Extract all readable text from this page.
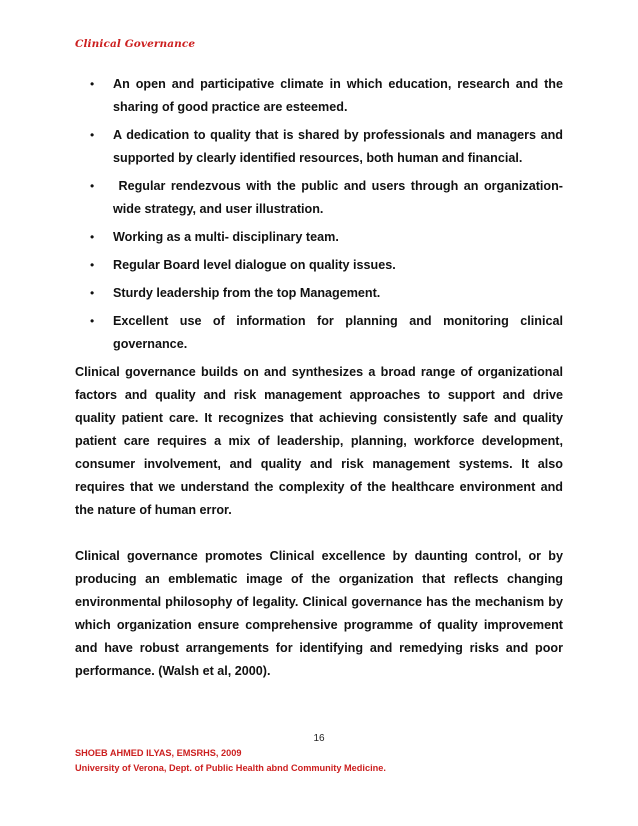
Clinical Governance
• An open and participative climate in which education, research and the sharing of good practice are esteemed.
• A dedication to quality that is shared by professionals and managers and supported by clearly identified resources, both human and financial.
• Regular rendezvous with the public and users through an organization-wide strategy, and user illustration.
• Working as a multi- disciplinary team.
• Regular Board level dialogue on quality issues.
• Sturdy leadership from the top Management.
• Excellent use of information for planning and monitoring clinical governance.

Clinical governance builds on and synthesizes a broad range of organizational factors and quality and risk management approaches to support and drive quality patient care. It recognizes that achieving consistently safe and quality patient care requires a mix of leadership, planning, workforce development, consumer involvement, and quality and risk management systems. It also requires that we understand the complexity of the healthcare environment and the nature of human error.

Clinical governance promotes Clinical excellence by daunting control, or by producing an emblematic image of the organization that reflects changing environmental philosophy of legality. Clinical governance has the mechanism by which organization ensure comprehensive programme of quality improvement and have robust arrangements for identifying and remedying risks and poor performance. (Walsh et al, 2000).

16
SHOEB AHMED ILYAS, EMSRHS, 2009
University of Verona, Dept. of Public Health abnd Community Medicine.
